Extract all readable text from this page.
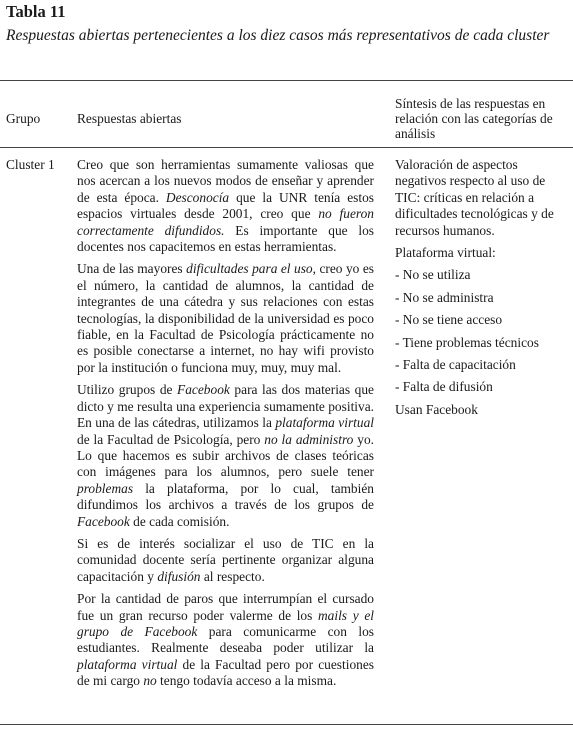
Tabla 11
Respuestas abiertas pertenecientes a los diez casos más representativos de cada cluster
Grupo	Respuestas abiertas
Síntesis de las respuestas en relación con las categorías de análisis
Cluster 1 Creo que son herramientas sumamente valiosas que nos acercan a los nuevos modos de enseñar y aprender de esta época. Desconocía que la UNR tenía estos espacios virtuales desde 2001, creo que no fueron correctamente difundidos. Es importante que los docentes nos capacitemos en estas herramientas.

Una de las mayores dificultades para el uso, creo yo es el número, la cantidad de alumnos, la cantidad de integrantes de una cátedra y sus relaciones con estas tecnologías, la disponibilidad de la universidad es poco fiable, en la Facultad de Psicología prácticamente no es posible conectarse a internet, no hay wifi provisto por la institución o funciona muy, muy, muy mal.

Utilizo grupos de Facebook para las dos materias que dicto y me resulta una experiencia sumamente positiva. En una de las cátedras, utilizamos la plataforma virtual de la Facultad de Psicología, pero no la administro yo. Lo que hacemos es subir archivos de clases teóricas con imágenes para los alumnos, pero suele tener problemas la plataforma, por lo cual, también difundimos los archivos a través de los grupos de Facebook de cada comisión.

Si es de interés socializar el uso de TIC en la comunidad docente sería pertinente organizar alguna capacitación y difusión al respecto.

Por la cantidad de paros que interrumpían el cursado fue un gran recurso poder valerme de los mails y el grupo de Facebook para comunicarme con los estudiantes. Realmente deseaba poder utilizar la plataforma virtual de la Facultad pero por cuestiones de mi cargo no tengo todavía acceso a la misma.

Valoración de aspectos negativos respecto al uso de TIC: críticas en relación a dificultades tecnológicas y de recursos humanos.

Plataforma virtual:

- No se utiliza
- No se administra
- No se tiene acceso
- Tiene problemas técnicos
- Falta de capacitación
- Falta de difusión
Usan Facebook
